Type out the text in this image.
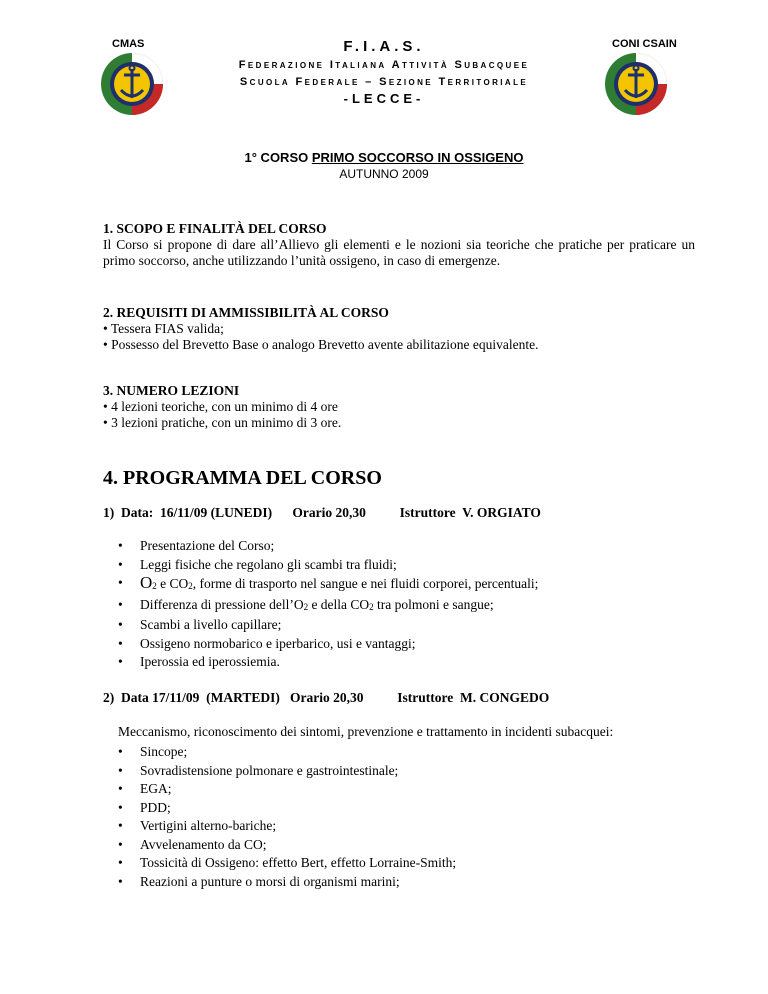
CMAS	CONI CSAIN
F.I.A.S.
Federazione Italiana Attività Subacquee
Scuola Federale – Sezione Territoriale
-LECCE-
1° CORSO PRIMO SOCCORSO IN OSSIGENO
AUTUNNO 2009

1. SCOPO E FINALITÀ DEL CORSO

Il Corso si propone di dare all’Allievo gli elementi e le nozioni sia teoriche che pratiche per praticare un primo soccorso, anche utilizzando l’unità ossigeno, in caso di emergenze.

2. REQUISITI DI AMMISSIBILITÀ AL CORSO

• Tessera FIAS valida;

• Possesso del Brevetto Base o analogo Brevetto avente abilitazione equivalente.

3. NUMERO LEZIONI

• 4 lezioni teoriche, con un minimo di 4 ore

• 3 lezioni pratiche, con un minimo di 3 ore.

4. PROGRAMMA DEL CORSO
1)  Data:  16/11/09 (LUNEDI)      Orario 20,30          Istruttore  V. ORGIATO
• Presentazione del Corso;
• Leggi fisiche che regolano gli scambi tra fluidi;
• $O_2$ e $CO_2$, forme di trasporto nel sangue e nei fluidi corporei, percentuali;
• Differenza di pressione $dell’O_2$ e della $CO_2$ tra polmoni e sangue;
• Scambi a livello capillare;
• Ossigeno normobarico e iperbarico, usi e vantaggi;
• Iperossia ed iperossiemia.
2)  Data 17/11/09  (MARTEDI)   Orario 20,30          Istruttore  M. CONGEDO
Meccanismo, riconoscimento dei sintomi, prevenzione e trattamento in incidenti subacquei:
• Sincope;
• Sovradistensione polmonare e gastrointestinale;
• EGA;
• PDD;
• Vertigini alterno-bariche;
• Avvelenamento da CO;
• Tossicità di Ossigeno: effetto Bert, effetto Lorraine-Smith;
• Reazioni a punture o morsi di organismi marini;
